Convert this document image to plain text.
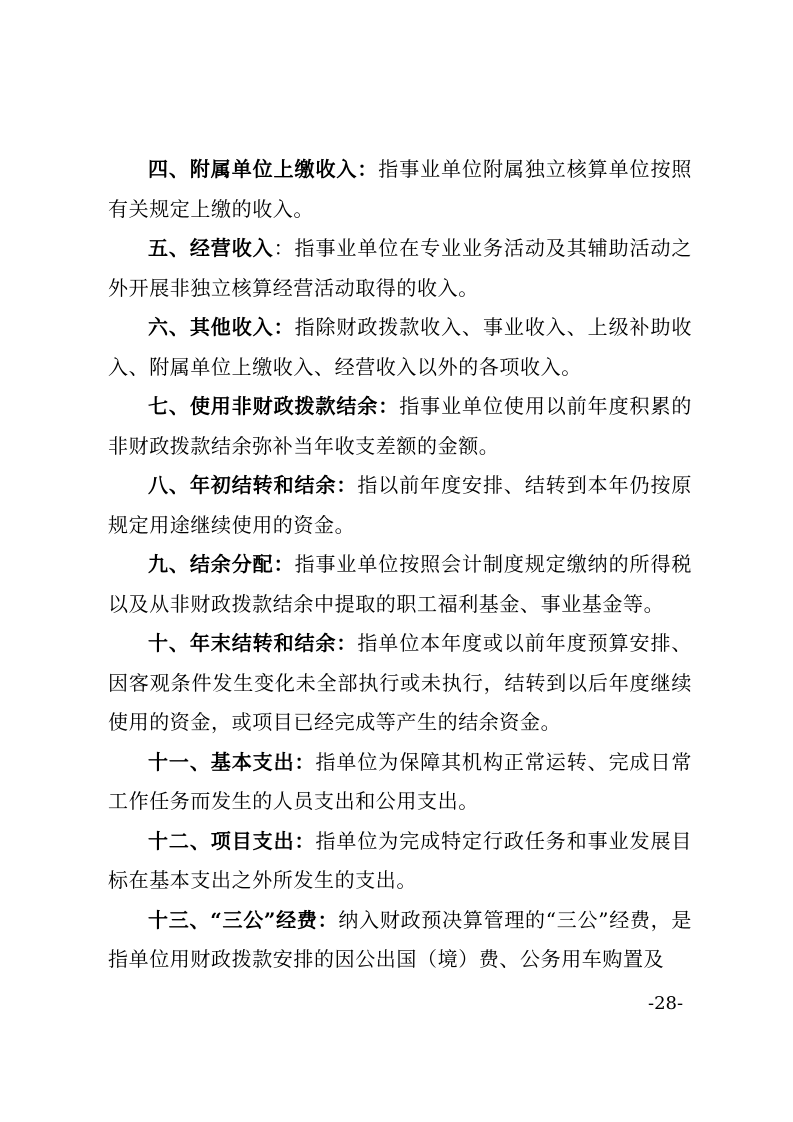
四、附属单位上缴收入：指事业单位附属独立核算单位按照有关规定上缴的收入。

五、经营收入：指事业单位在专业业务活动及其辅助活动之外开展非独立核算经营活动取得的收入。

六、其他收入：指除财政拨款收入、事业收入、上级补助收入、附属单位上缴收入、经营收入以外的各项收入。

七、使用非财政拨款结余：指事业单位使用以前年度积累的非财政拨款结余弥补当年收支差额的金额。

八、年初结转和结余：指以前年度安排、结转到本年仍按原规定用途继续使用的资金。

九、结余分配：指事业单位按照会计制度规定缴纳的所得税以及从非财政拨款结余中提取的职工福利基金、事业基金等。

十、年末结转和结余：指单位本年度或以前年度预算安排、因客观条件发生变化未全部执行或未执行，结转到以后年度继续使用的资金，或项目已经完成等产生的结余资金。

十一、基本支出：指单位为保障其机构正常运转、完成日常工作任务而发生的人员支出和公用支出。

十二、项目支出：指单位为完成特定行政任务和事业发展目标在基本支出之外所发生的支出。

十三、“三公”经费：纳入财政预决算管理的“三公”经费，是指单位用财政拨款安排的因公出国（境）费、公务用车购置及

-28-
